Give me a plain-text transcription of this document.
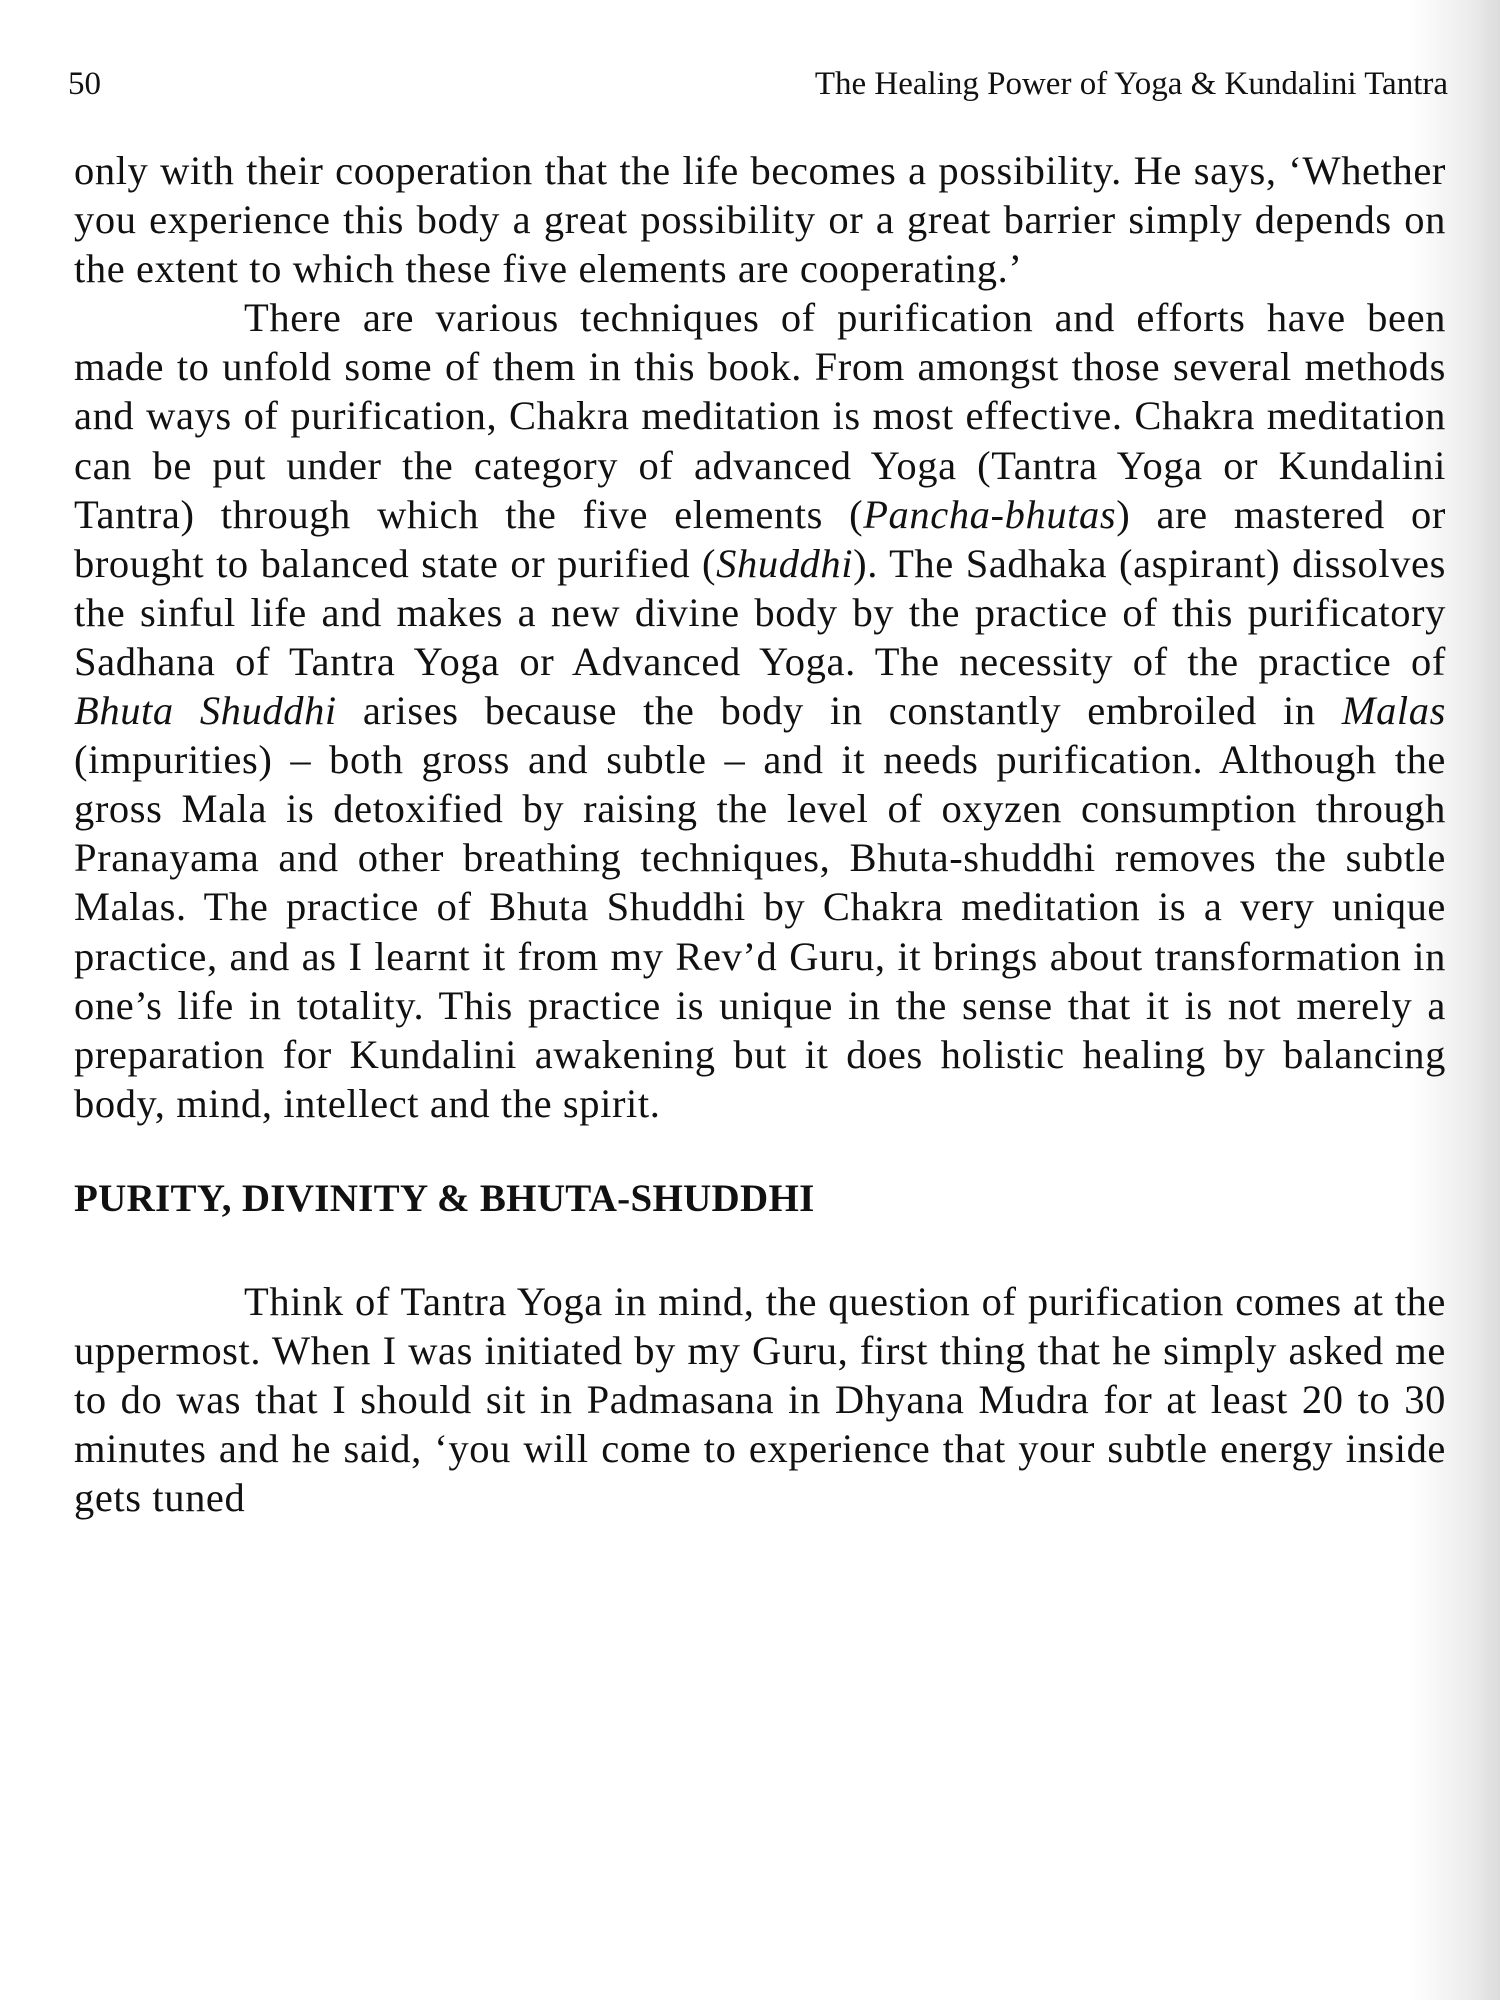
50	The Healing Power of Yoga & Kundalini Tantra

only with their cooperation that the life becomes a possibility. He says, ‘Whether you experience this body a great possibility or a great barrier simply depends on the extent to which these five elements are cooperating.’

There are various techniques of purification and efforts have been made to unfold some of them in this book. From amongst those several methods and ways of purification, Chakra meditation is most effective. Chakra meditation can be put under the category of advanced Yoga (Tantra Yoga or Kundalini Tantra) through which the five elements (Pancha-bhutas) are mastered or brought to balanced state or purified (Shuddhi). The Sadhaka (aspirant) dissolves the sinful life and makes a new divine body by the practice of this purificatory Sadhana of Tantra Yoga or Advanced Yoga. The necessity of the practice of Bhuta Shuddhi arises because the body in constantly embroiled in Malas (impurities) – both gross and subtle – and it needs purification. Although the gross Mala is detoxified by raising the level of oxyzen consumption through Pranayama and other breathing techniques, Bhuta-shuddhi removes the subtle Malas. The practice of Bhuta Shuddhi by Chakra meditation is a very unique practice, and as I learnt it from my Rev’d Guru, it brings about transformation in one’s life in totality. This practice is unique in the sense that it is not merely a preparation for Kundalini awakening but it does holistic healing by balancing body, mind, intellect and the spirit.

PURITY, DIVINITY & BHUTA-SHUDDHI

Think of Tantra Yoga in mind, the question of purification comes at the uppermost. When I was initiated by my Guru, first thing that he simply asked me to do was that I should sit in Padmasana in Dhyana Mudra for at least 20 to 30 minutes and he said, ‘you will come to experience that your subtle energy inside gets tuned
